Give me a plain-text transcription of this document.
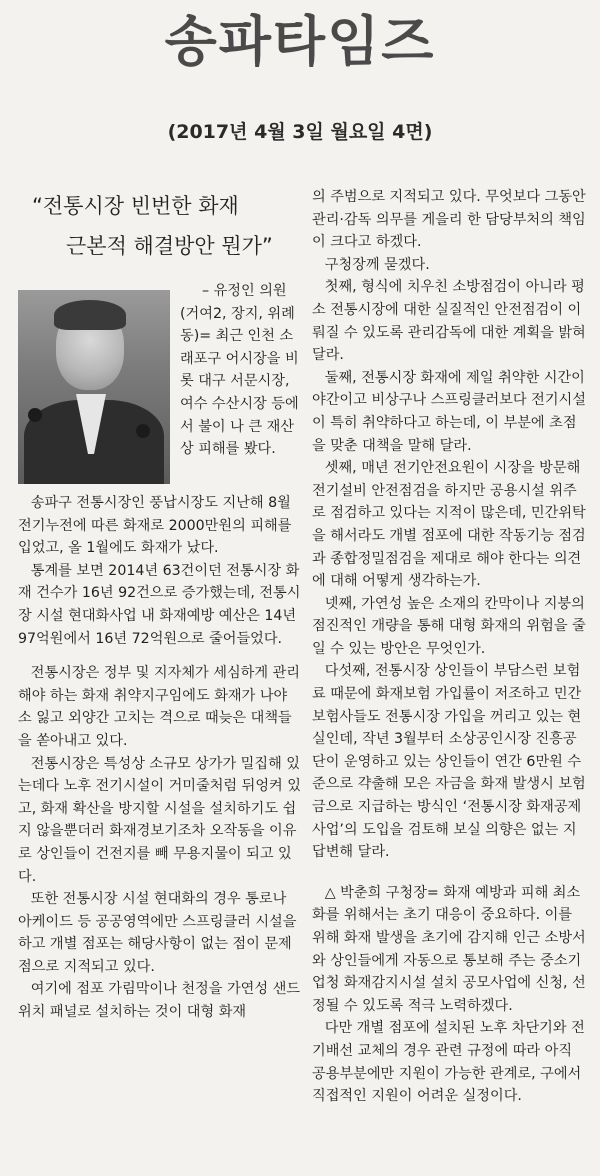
송파타임즈
(2017년 4월 3일 월요일 4면)
“전통시장 빈번한 화재
근본적 해결방안 뭔가”
– 유정인 의원
(거여2, 장지, 위례동)= 최근 인천 소래포구 어시장을 비롯 대구 서문시장, 여수 수산시장 등에서 불이 나 큰 재산상 피해를 봤다.

송파구 전통시장인 풍납시장도 지난해 8월 전기누전에 따른 화재로 2000만원의 피해를 입었고, 올 1월에도 화재가 났다.

통계를 보면 2014년 63건이던 전통시장 화재 건수가 16년 92건으로 증가했는데, 전통시장 시설 현대화사업 내 화재예방 예산은 14년 97억원에서 16년 72억원으로 줄어들었다.

전통시장은 정부 및 지자체가 세심하게 관리해야 하는 화재 취약지구임에도 화재가 나야 소 잃고 외양간 고치는 격으로 때늦은 대책들을 쏟아내고 있다.

전통시장은 특성상 소규모 상가가 밀집해 있는데다 노후 전기시설이 거미줄처럼 뒤엉켜 있고, 화재 확산을 방지할 시설을 설치하기도 쉽지 않을뿐더러 화재경보기조차 오작동을 이유로 상인들이 건전지를 빼 무용지물이 되고 있다.

또한 전통시장 시설 현대화의 경우 통로나 아케이드 등 공공영역에만 스프링클러 시설을 하고 개별 점포는 해당사항이 없는 점이 문제점으로 지적되고 있다.

여기에 점포 가림막이나 천정을 가연성 샌드위치 패널로 설치하는 것이 대형 화재

의 주범으로 지적되고 있다. 무엇보다 그동안 관리·감독 의무를 게을리 한 담당부처의 책임이 크다고 하겠다.

구청장께 묻겠다.

첫째, 형식에 치우친 소방점검이 아니라 평소 전통시장에 대한 실질적인 안전점검이 이뤄질 수 있도록 관리감독에 대한 계획을 밝혀달라.

둘째, 전통시장 화재에 제일 취약한 시간이 야간이고 비상구나 스프링클러보다 전기시설이 특히 취약하다고 하는데, 이 부분에 초점을 맞춘 대책을 말해 달라.

셋째, 매년 전기안전요원이 시장을 방문해 전기설비 안전점검을 하지만 공용시설 위주로 점검하고 있다는 지적이 많은데, 민간위탁을 해서라도 개별 점포에 대한 작동기능 점검과 종합정밀점검을 제대로 해야 한다는 의견에 대해 어떻게 생각하는가.

넷째, 가연성 높은 소재의 칸막이나 지붕의 점진적인 개량을 통해 대형 화재의 위험을 줄일 수 있는 방안은 무엇인가.

다섯째, 전통시장 상인들이 부담스런 보험료 때문에 화재보험 가입률이 저조하고 민간 보험사들도 전통시장 가입을 꺼리고 있는 현실인데, 작년 3월부터 소상공인시장 진흥공단이 운영하고 있는 상인들이 연간 6만원 수준으로 갹출해 모은 자금을 화재 발생시 보험금으로 지급하는 방식인 ‘전통시장 화재공제사업’의 도입을 검토해 보실 의향은 없는 지 답변해 달라.

△ 박춘희 구청장= 화재 예방과 피해 최소화를 위해서는 초기 대응이 중요하다. 이를 위해 화재 발생을 초기에 감지해 인근 소방서와 상인들에게 자동으로 통보해 주는 중소기업청 화재감지시설 설치 공모사업에 신청, 선정될 수 있도록 적극 노력하겠다.

다만 개별 점포에 설치된 노후 차단기와 전기배선 교체의 경우 관련 규정에 따라 아직 공용부분에만 지원이 가능한 관계로, 구에서 직접적인 지원이 어려운 실정이다.
